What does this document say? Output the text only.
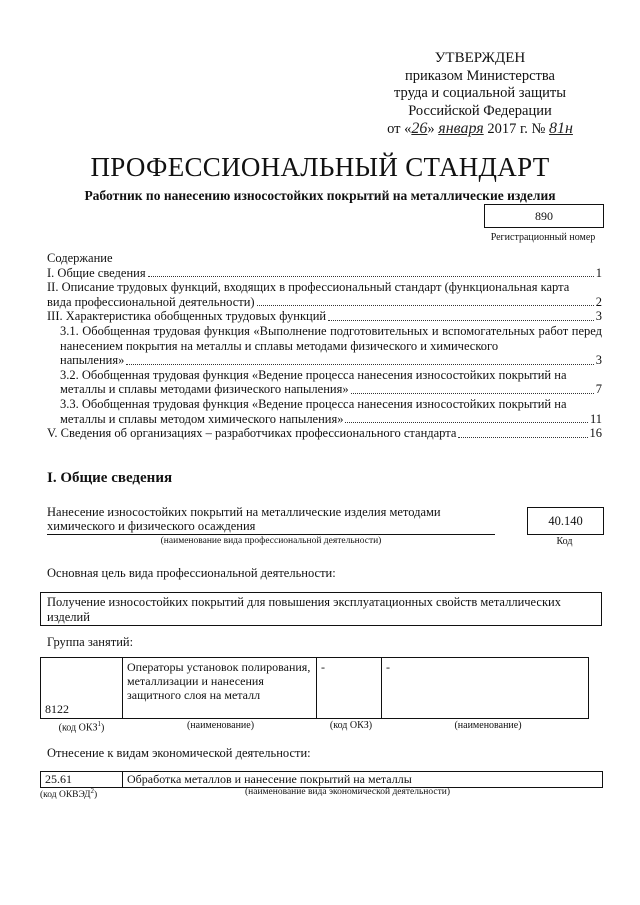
УТВЕРЖДЕН
приказом Министерства
труда и социальной защиты
Российской Федерации
от «26» января 2017 г. № 81н
ПРОФЕССИОНАЛЬНЫЙ СТАНДАРТ
Работник по нанесению износостойких покрытий на металлические изделия
890
Регистрационный номер
Содержание
I. Общие сведения	1
II. Описание трудовых функций, входящих в профессиональный стандарт (функциональная карта
вида профессиональной деятельности)	2
III. Характеристика обобщенных трудовых функций	3
3.1. Обобщенная трудовая функция «Выполнение подготовительных и вспомогательных работ перед нанесением покрытия на металлы и сплавы методами физического и химического
напыления»	3
3.2. Обобщенная трудовая функция «Ведение процесса нанесения износостойких покрытий на
металлы и сплавы методами физического напыления»	7
3.3. Обобщенная трудовая функция «Ведение процесса нанесения износостойких покрытий на
металлы и сплавы методом химического напыления»	11
V. Сведения об организациях – разработчиках профессионального стандарта	16
I. Общие сведения
Нанесение износостойких покрытий на металлические изделия методами химического и физического осаждения
(наименование вида профессиональной деятельности)
40.140
Код
Основная цель вида профессиональной деятельности:
Получение износостойких покрытий для повышения эксплуатационных свойств металлических изделий
Группа занятий:
8122	Операторы установок полирования, металлизации и нанесения защитного слоя на металл	-	-
(код ОКЗ$^1$)	(наименование)	(код ОКЗ)	(наименование)
Отнесение к видам экономической деятельности:
25.61	Обработка металлов и нанесение покрытий на металлы
(код ОКВЭД$^2$)	(наименование вида экономической деятельности)
